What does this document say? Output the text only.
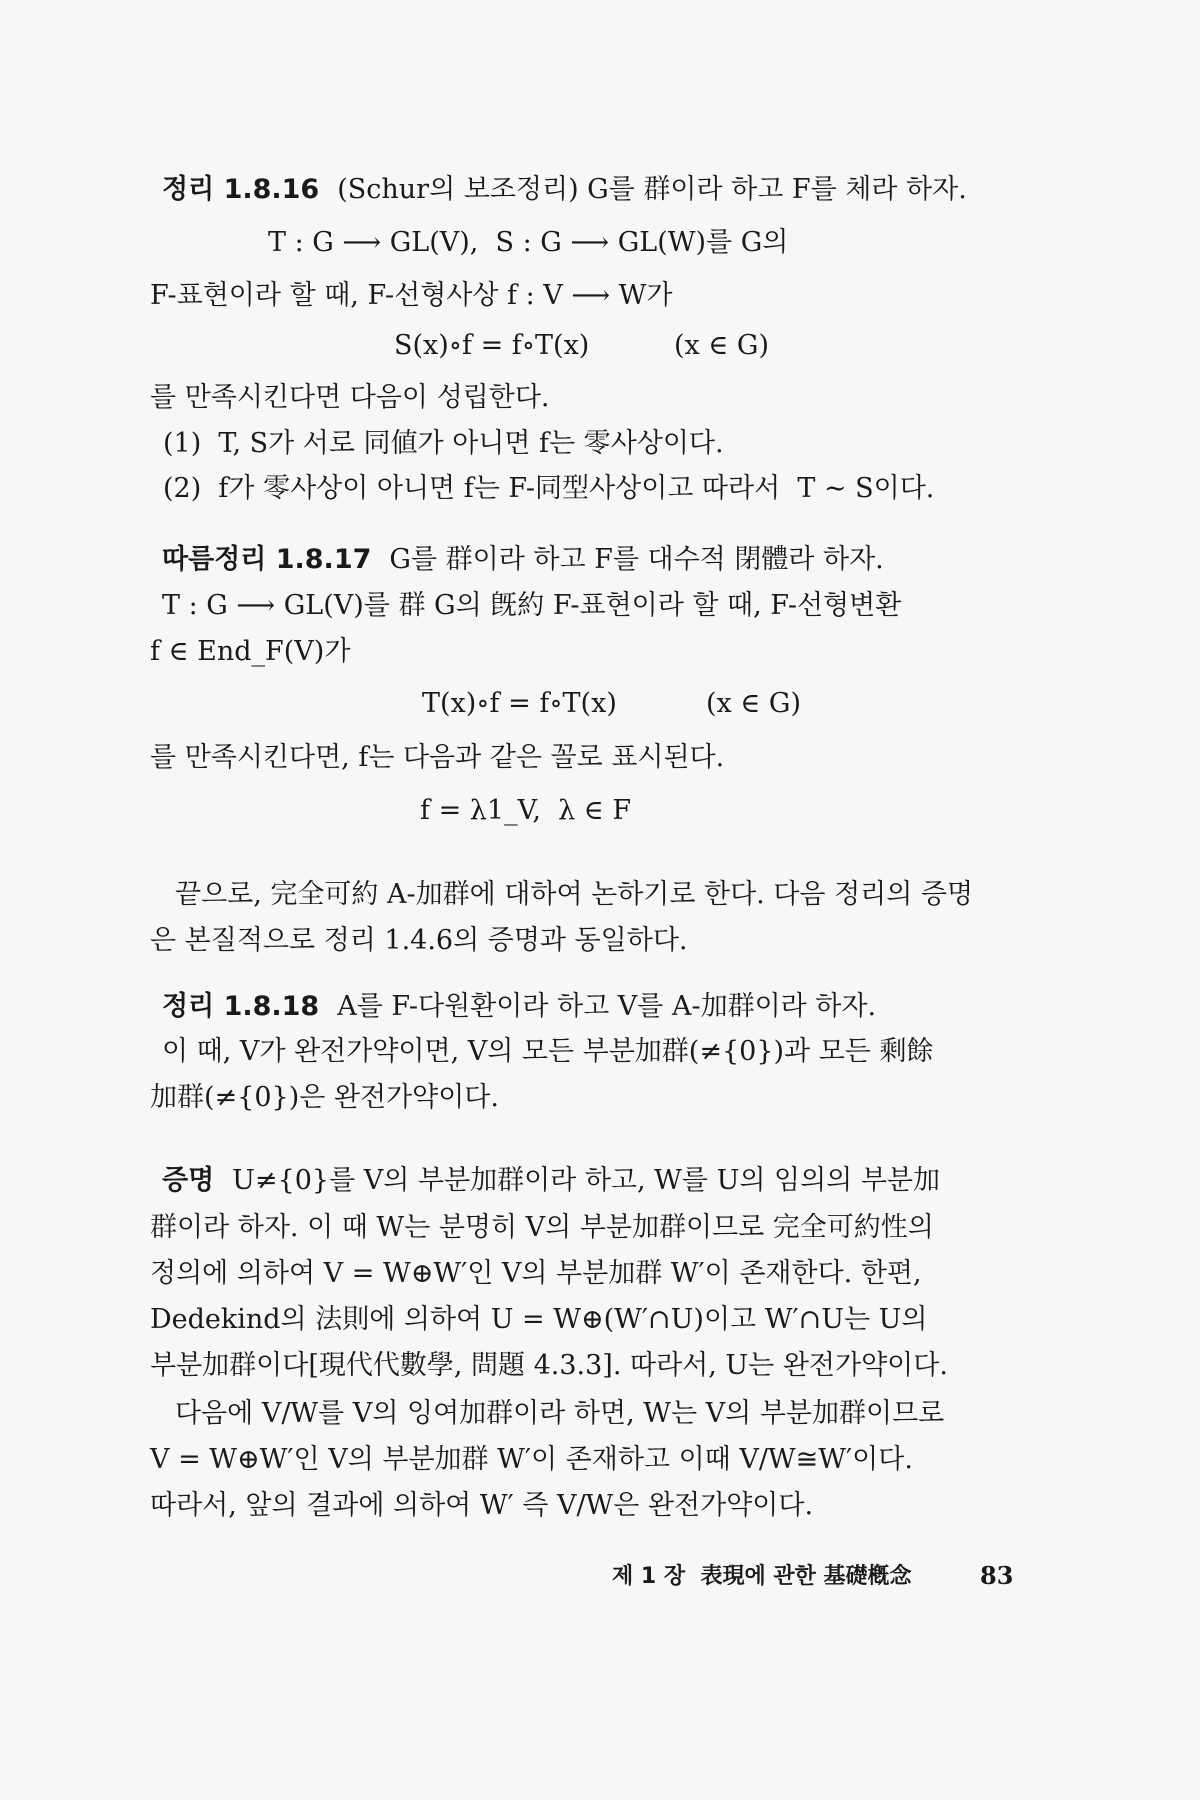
정리 1.8.16 (Schur의 보조정리) G를 群이라 하고 F를 체라 하자.
T : G ⟶ GL(V),  S : G ⟶ GL(W)를 G의
F-표현이라 할 때, F-선형사상 f : V ⟶ W가
S(x)∘f = f∘T(x)	(x ∈ G)
를 만족시킨다면 다음이 성립한다.
(1)  T, S가 서로 同値가 아니면 f는 零사상이다.
(2)  f가 零사상이 아니면 f는 F-同型사상이고 따라서  T ∼ S이다.
따름정리 1.8.17 G를 群이라 하고 F를 대수적 閉體라 하자.
T : G ⟶ GL(V)를 群 G의 旣約 F-표현이라 할 때, F-선형변환
f ∈ End_F(V)가
T(x)∘f = f∘T(x)	(x ∈ G)
를 만족시킨다면, f는 다음과 같은 꼴로 표시된다.
f = λ1_V,  λ ∈ F
끝으로, 完全可約 A-加群에 대하여 논하기로 한다. 다음 정리의 증명
은 본질적으로 정리 1.4.6의 증명과 동일하다.
정리 1.8.18 A를 F-다원환이라 하고 V를 A-加群이라 하자.
이 때, V가 완전가약이면, V의 모든 부분加群(≠{0})과 모든 剩餘
加群(≠{0})은 완전가약이다.
증명 U≠{0}를 V의 부분加群이라 하고, W를 U의 임의의 부분加
群이라 하자. 이 때 W는 분명히 V의 부분加群이므로 完全可約性의
정의에 의하여 V = W⊕W′인 V의 부분加群 W′이 존재한다. 한편,
Dedekind의 法則에 의하여 U = W⊕(W′∩U)이고 W′∩U는 U의
부분加群이다[現代代數學, 問題 4.3.3]. 따라서, U는 완전가약이다.
다음에 V/W를 V의 잉여加群이라 하면, W는 V의 부분加群이므로
V = W⊕W′인 V의 부분加群 W′이 존재하고 이때 V/W≅W′이다.
따라서, 앞의 결과에 의하여 W′ 즉 V/W은 완전가약이다.
제 1 장  表現에 관한 基礎槪念	83
